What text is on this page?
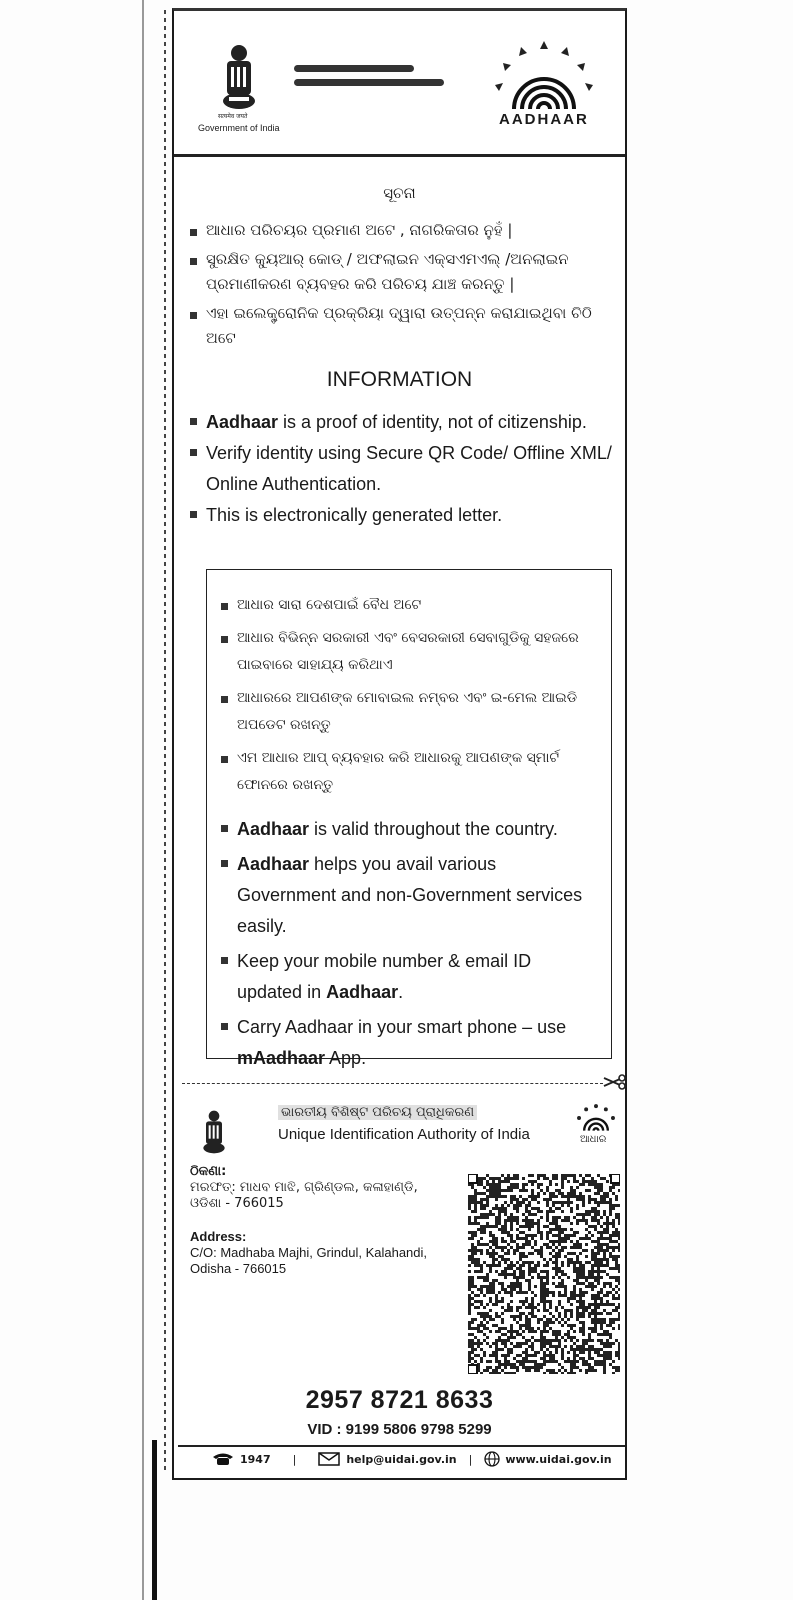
सत्यमेव जयते
Government of India	AADHAAR
ସୂଚନା
ଆଧାର ପରିଚୟର ପ୍ରମାଣ ଅଟେ , ନାଗରିକତାର ନୁହଁ |
ସୁରକ୍ଷିତ କ୍ୟୁଆର୍ କୋଡ୍ / ଅଫଲାଇନ ଏକ୍ସଏମଏଲ୍ /ଅନଲାଇନ ପ୍ରମାଣୀକରଣ ବ୍ୟବହର କରି ପରିଚୟ ଯାଞ୍ଚ କରନ୍ତୁ |
ଏହା ଇଲେକ୍ଟ୍ରୋନିକ ପ୍ରକ୍ରିୟା ଦ୍ୱାରା ଉତ୍ପନ୍ନ କରାଯାଇଥିବା ଚିଠି ଅଟେ
INFORMATION
Aadhaar is a proof of identity, not of citizenship.
Verify identity using Secure QR Code/ Offline XML/ Online Authentication.
This is electronically generated letter.
ଆଧାର ସାରା ଦେଶପାଇଁ ବୈଧ ଅଟେ
ଆଧାର ବିଭିନ୍ନ ସରକାରୀ ଏବଂ ବେସରକାରୀ ସେବାଗୁଡିକୁ ସହଜରେ ପାଇବାରେ ସାହାଯ୍ୟ କରିଥାଏ
ଆଧାରରେ ଆପଣଙ୍କ ମୋବାଇଲ ନମ୍ବର ଏବଂ ଇ-ମେଲ ଆଇଡି ଅପଡେଟ ରଖନ୍ତୁ
ଏମ ଆଧାର ଆପ୍ ବ୍ୟବହାର କରି ଆଧାରକୁ ଆପଣଙ୍କ ସ୍ମାର୍ଟ ଫୋନରେ ରଖନ୍ତୁ
Aadhaar is valid throughout the country.
Aadhaar helps you avail various Government and non-Government services easily.
Keep your mobile number & email ID updated in Aadhaar.
Carry Aadhaar in your smart phone – use mAadhaar App.
ଭାରତୀୟ ବିଶିଷ୍ଟ ପରିଚୟ ପ୍ରାଧିକରଣ
Unique Identification Authority of India	ଆଧାର
ଠିକଣା:
ମରଫତ୍: ମାଧବ ମାଝି, ଗ୍ରିଣ୍ଡଲ, କଳାହାଣ୍ଡି,
ଓଡିଶା - 766015
Address:
C/O: Madhaba Majhi, Grindul, Kalahandi,
Odisha - 766015
2957 8721 8633
VID : 9199 5806 9798 5299
1947 |	help@uidai.gov.in |	www.uidai.gov.in
